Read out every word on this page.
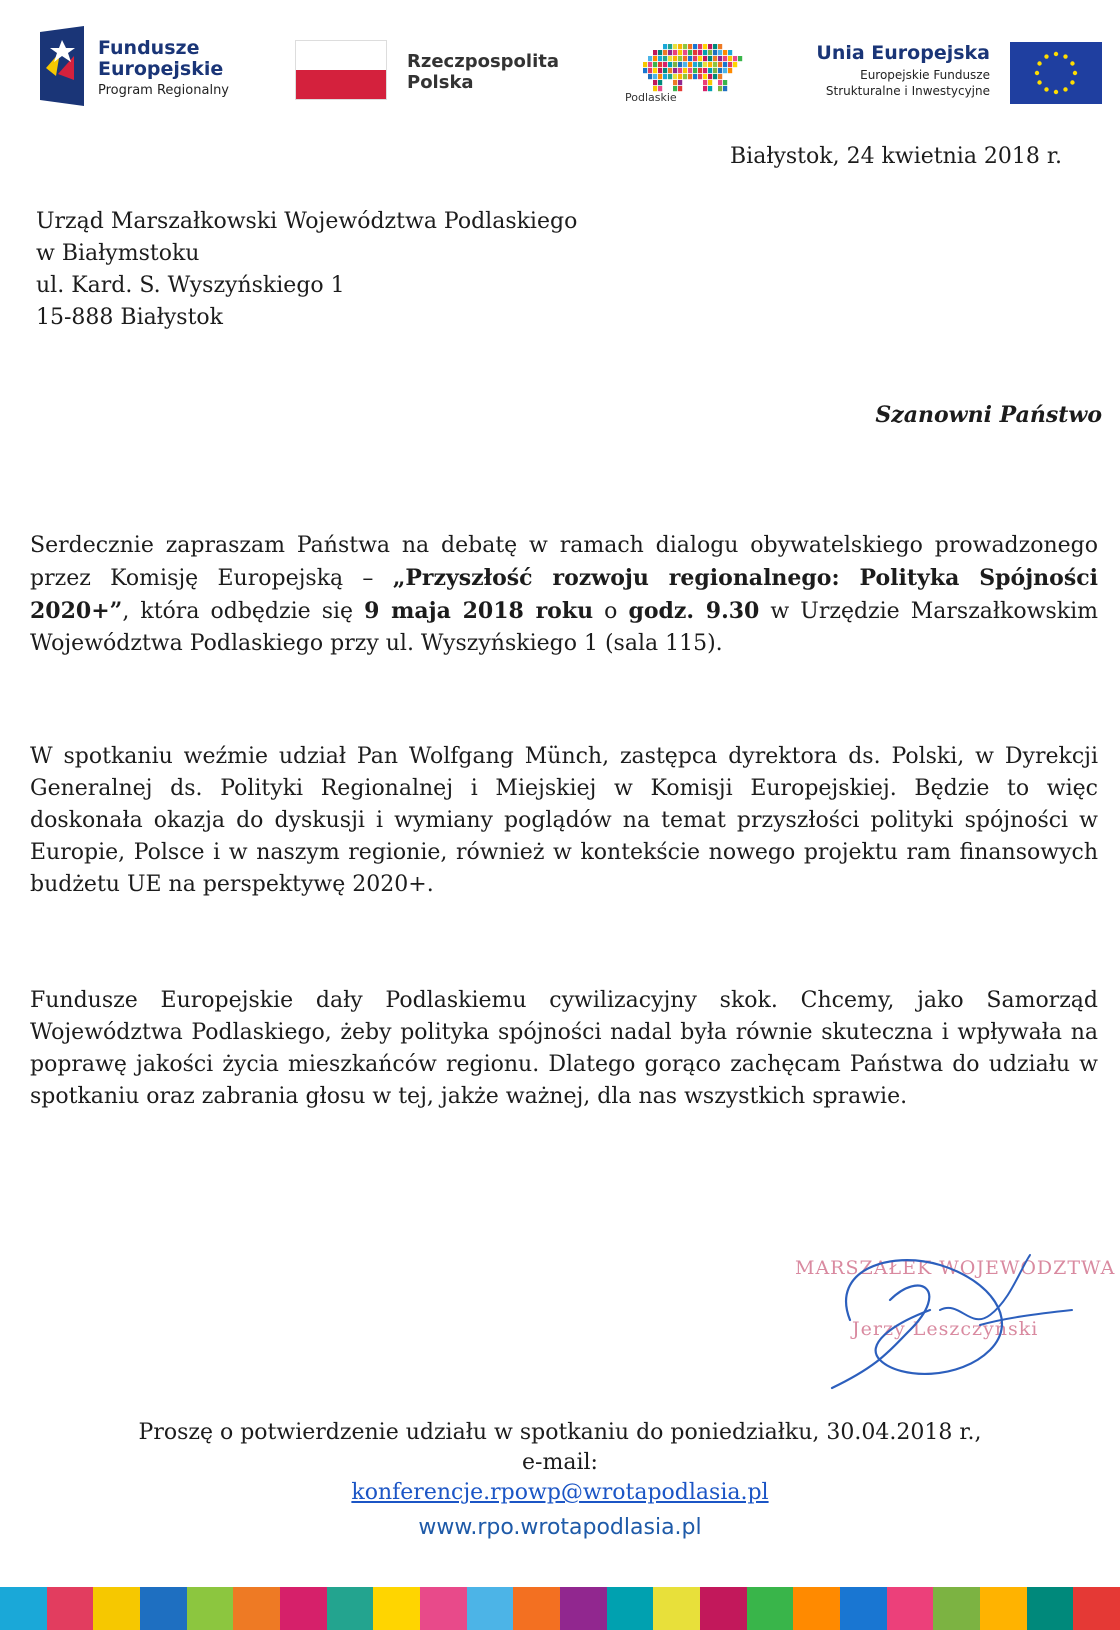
Fundusze
Europejskie
Program Regionalny
Rzeczpospolita
Polska
Podlaskie
Unia Europejska
Europejskie Fundusze
Strukturalne i Inwestycyjne
Białystok, 24 kwietnia 2018 r.
Urząd Marszałkowski Województwa Podlaskiego
w Białymstoku
ul. Kard. S. Wyszyńskiego 1
15-888 Białystok
Szanowni Państwo
Serdecznie zapraszam Państwa na debatę w ramach dialogu obywatelskiego prowadzonego przez Komisję Europejską – „Przyszłość rozwoju regionalnego: Polityka Spójności 2020+”, która odbędzie się 9 maja 2018 roku o godz. 9.30 w Urzędzie Marszałkowskim Województwa Podlaskiego przy ul. Wyszyńskiego 1 (sala 115).
W spotkaniu weźmie udział Pan Wolfgang Münch, zastępca dyrektora ds. Polski, w Dyrekcji Generalnej ds. Polityki Regionalnej i Miejskiej w Komisji Europejskiej. Będzie to więc doskonała okazja do dyskusji i wymiany poglądów na temat przyszłości polityki spójności w Europie, Polsce i w naszym regionie, również w kontekście nowego projektu ram finansowych budżetu UE na perspektywę 2020+.
Fundusze Europejskie dały Podlaskiemu cywilizacyjny skok. Chcemy, jako Samorząd Województwa Podlaskiego, żeby polityka spójności nadal była równie skuteczna i wpływała na poprawę jakości życia mieszkańców regionu. Dlatego gorąco zachęcam Państwa do udziału w spotkaniu oraz zabrania głosu w tej, jakże ważnej, dla nas wszystkich sprawie.
MARSZAŁEK WOJEWÓDZTWA
Jerzy Leszczyński
Proszę o potwierdzenie udziału w spotkaniu do poniedziałku, 30.04.2018 r.,
e-mail:
konferencje.rpowp@wrotapodlasia.pl
www.rpo.wrotapodlasia.pl
